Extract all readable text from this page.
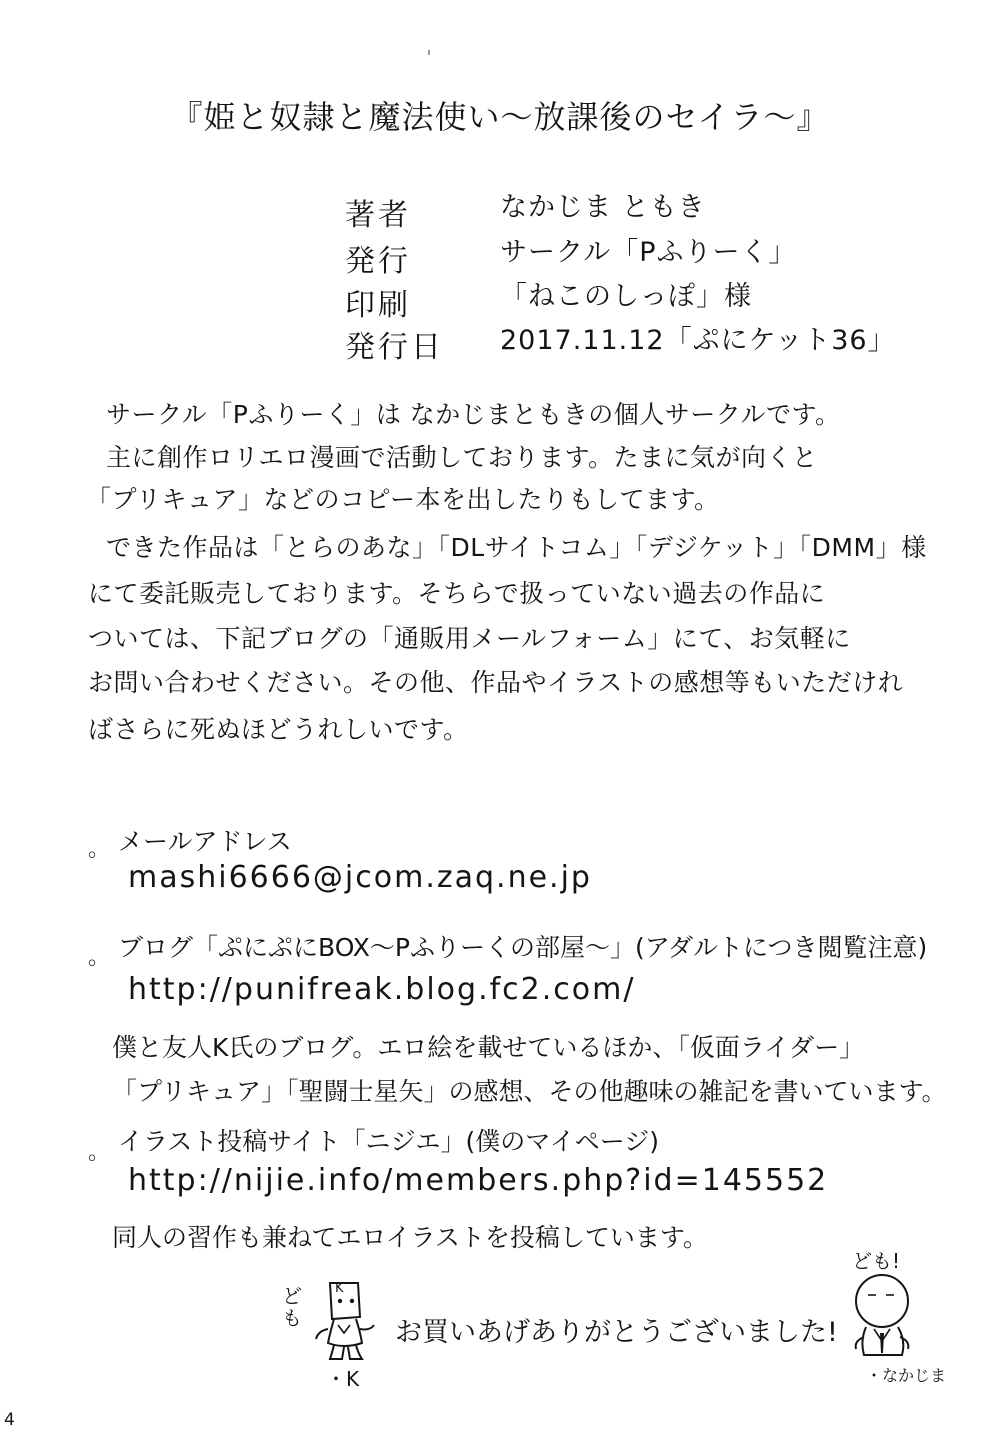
『姫と奴隷と魔法使い～放課後のセイラ～』
著者	なかじま ともき
発行	サークル「Pふりーく」
印刷	「ねこのしっぽ」様
発行日 2017.11.12「ぷにケット36」
サークル「Pふりーく」は なかじまともきの個人サークルです。
主に創作ロリエロ漫画で活動しております。たまに気が向くと
「プリキュア」などのコピー本を出したりもしてます。
できた作品は「とらのあな」「DLサイトコム」「デジケット」「DMM」様
にて委託販売しております。そちらで扱っていない過去の作品に
ついては、下記ブログの「通販用メールフォーム」にて、お気軽に
お問い合わせください。その他、作品やイラストの感想等もいただけれ
ばさらに死ぬほどうれしいです。
。 メールアドレス
mashi6666@jcom.zaq.ne.jp
。 ブログ「ぷにぷにBOX～Pふりーくの部屋～」(アダルトにつき閲覧注意)
http://punifreak.blog.fc2.com/
僕と友人K氏のブログ。エロ絵を載せているほか、「仮面ライダー」
「プリキュア」「聖闘士星矢」の感想、その他趣味の雑記を書いています。
。 イラスト投稿サイト「ニジエ」(僕のマイページ)
http://nijie.info/members.php?id=145552
同人の習作も兼ねてエロイラストを投稿しています。
ども
K
・K
お買いあげありがとうございました!
ども!
・なかじま
4
